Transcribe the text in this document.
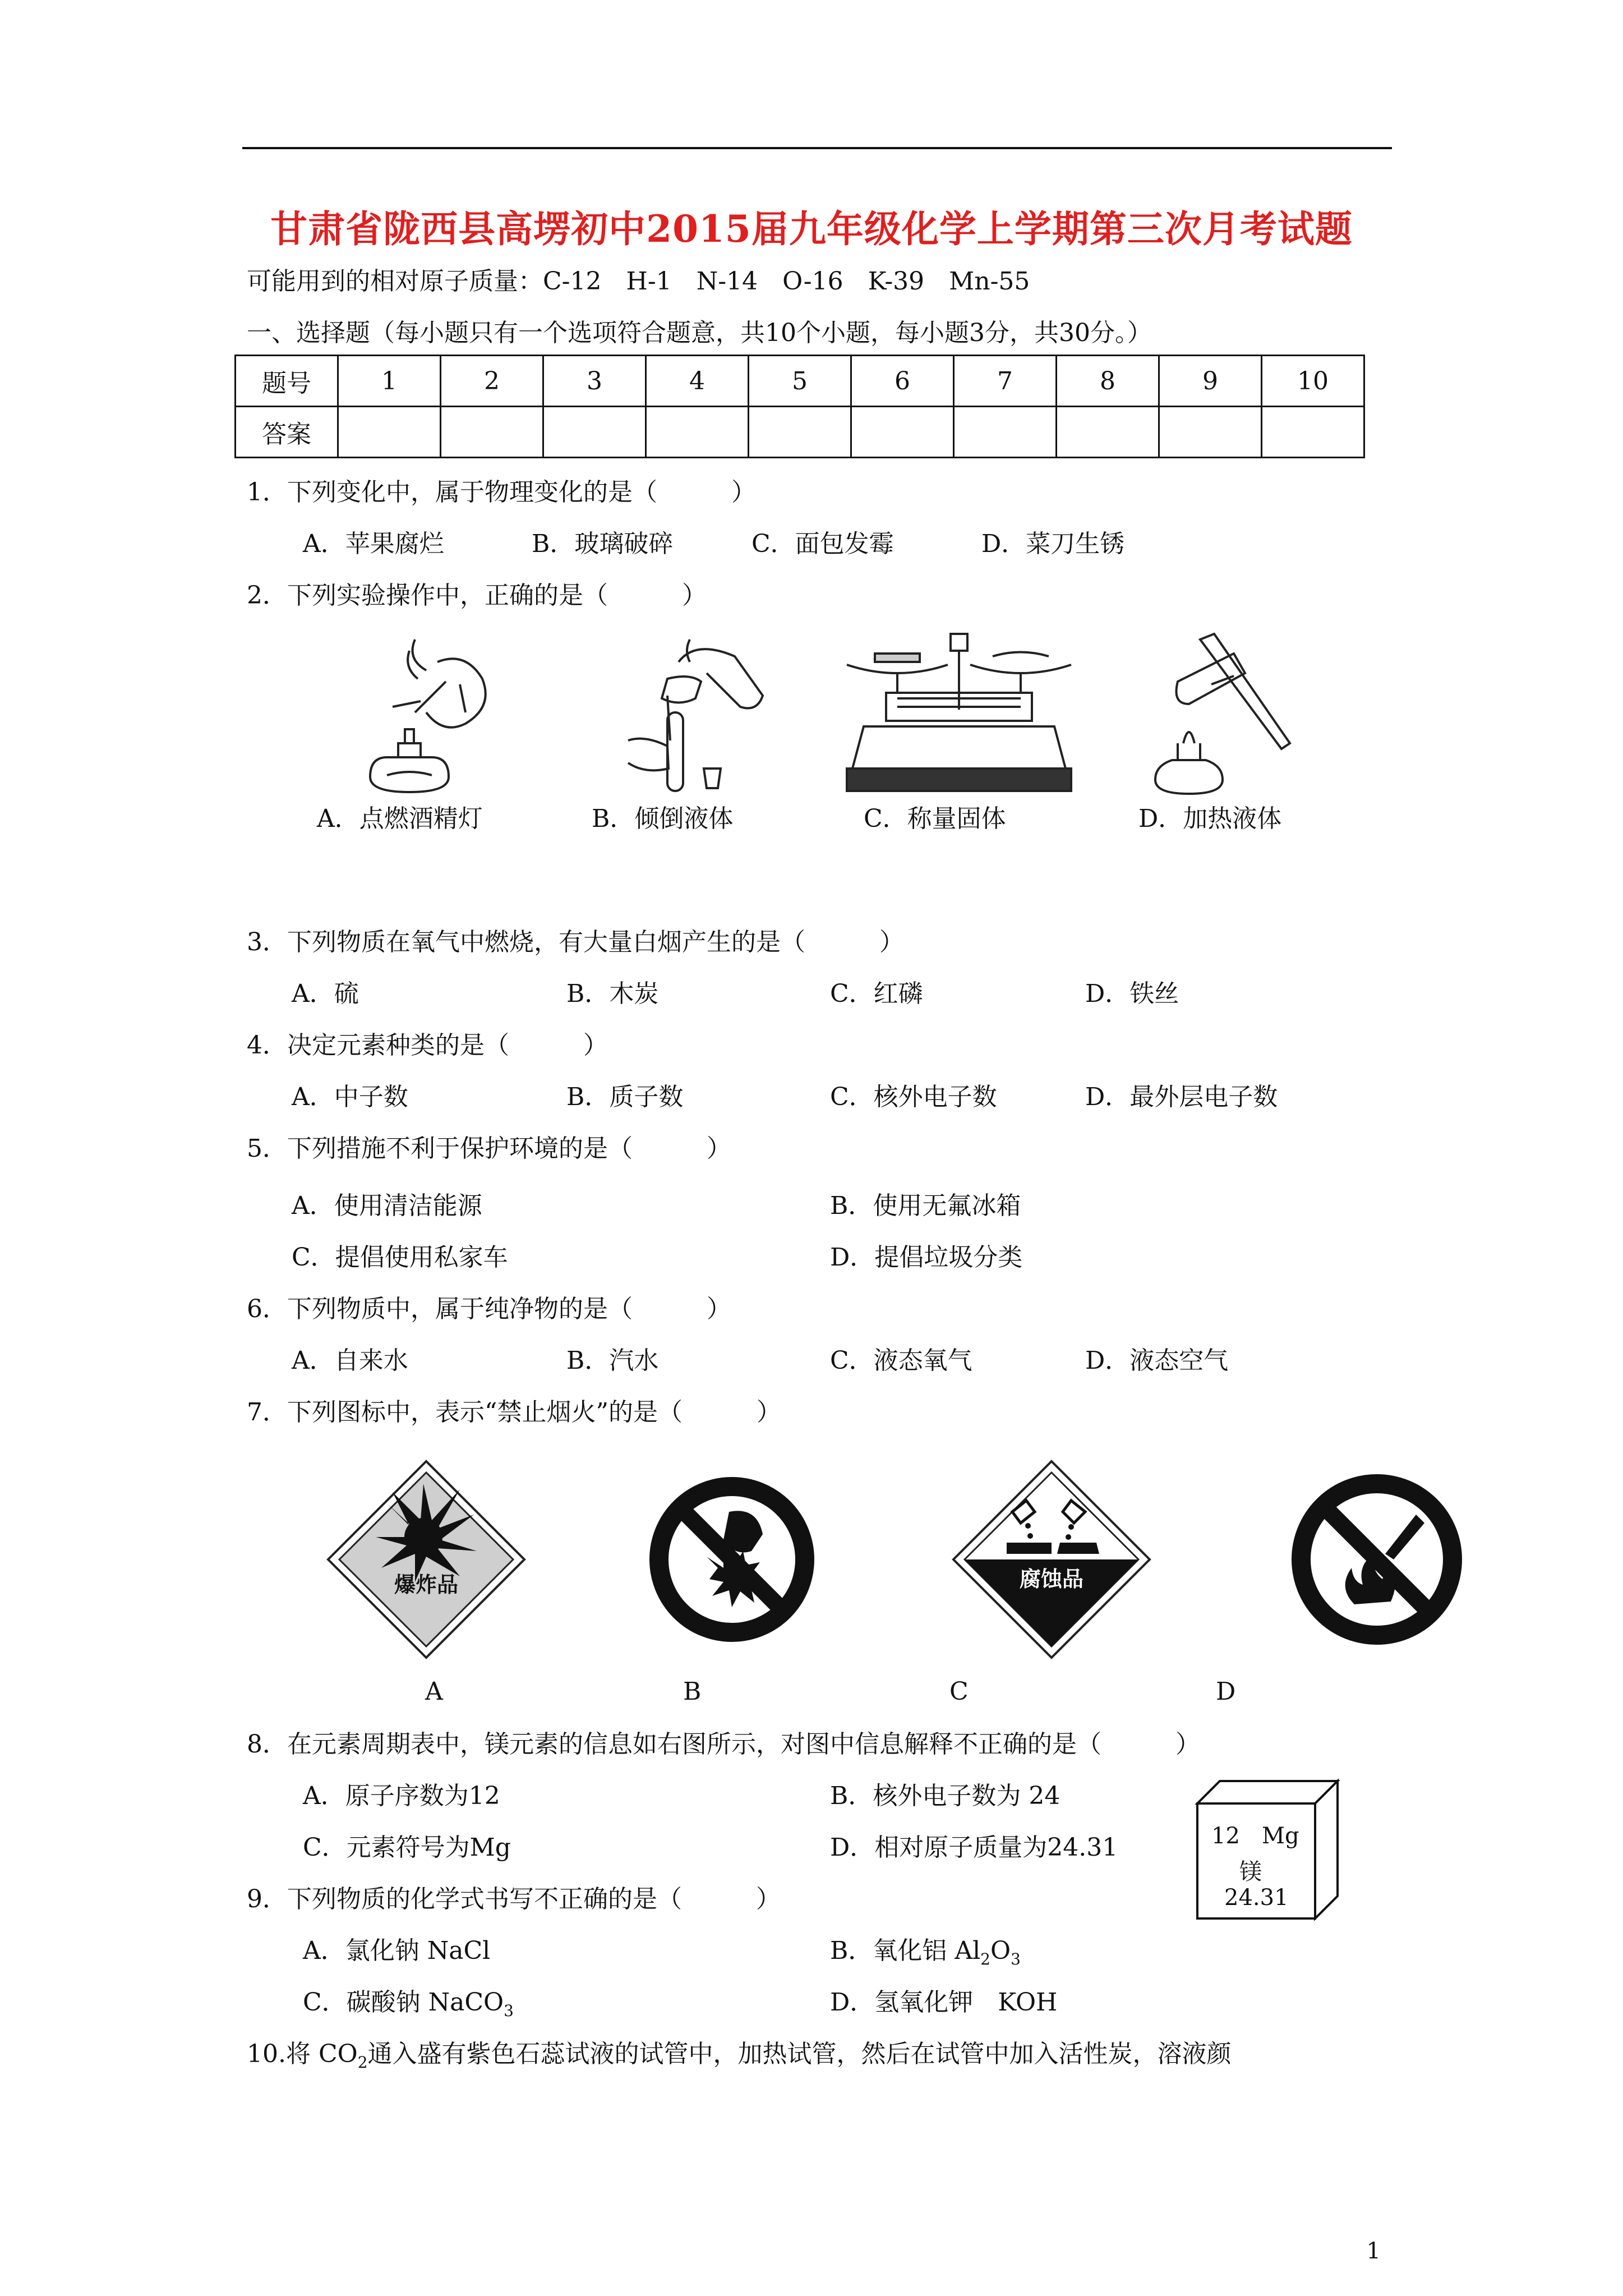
甘肃省陇西县高塄初中2015届九年级化学上学期第三次月考试题
可能用到的相对原子质量：C-12　H-1　N-14　O-16　K-39　Mn-55
一、选择题（每小题只有一个选项符合题意，共10个小题，每小题3分，共30分。）
题号	1	2	3	4	5	6	7	8	9	10
答案										
1．下列变化中，属于物理变化的是（　　　）
A．苹果腐烂	B．玻璃破碎	C．面包发霉	D．菜刀生锈
2．下列实验操作中，正确的是（　　　）
A．点燃酒精灯	B．倾倒液体	C．称量固体	D．加热液体
3．下列物质在氧气中燃烧，有大量白烟产生的是（　　　）
A．硫	B．木炭	C．红磷	D．铁丝
4．决定元素种类的是（　　　）
A．中子数	B．质子数	C．核外电子数	D．最外层电子数
5．下列措施不利于保护环境的是（　　　）
A．使用清洁能源	B．使用无氟冰箱
C．提倡使用私家车	D．提倡垃圾分类
6．下列物质中，属于纯净物的是（　　　）
A．自来水	B．汽水	C．液态氧气	D．液态空气
7．下列图标中，表示“禁止烟火”的是（　　　）
爆炸品	腐蚀品
A	B	C	D
8．在元素周期表中，镁元素的信息如右图所示，对图中信息解释不正确的是（　　　）
A．原子序数为12	B．核外电子数为 24
C．元素符号为Mg	D．相对原子质量为24.31	12 Mg
镁
24.31
9．下列物质的化学式书写不正确的是（　　　）
A．氯化钠 NaCl	B．氧化铝 $Al_2O_3$
C．碳酸钠 NaCO$_3$	D．氢氧化钾　KOH
10.将 $CO_2$通入盛有紫色石蕊试液的试管中，加热试管，然后在试管中加入活性炭，溶液颜
1
